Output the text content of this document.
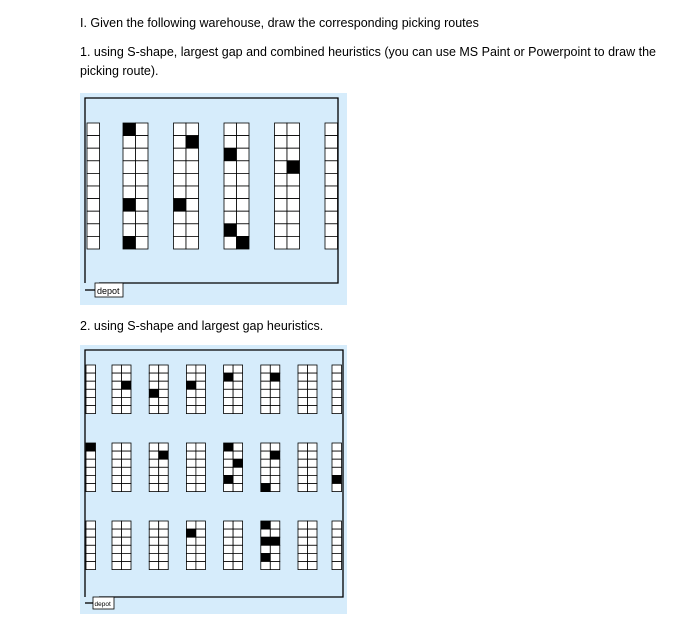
I. Given the following warehouse, draw the corresponding picking routes
1. using S-shape, largest gap and combined heuristics (you can use MS Paint or Powerpoint to draw the picking route).
depot
2. using S-shape and largest gap heuristics.
depot
